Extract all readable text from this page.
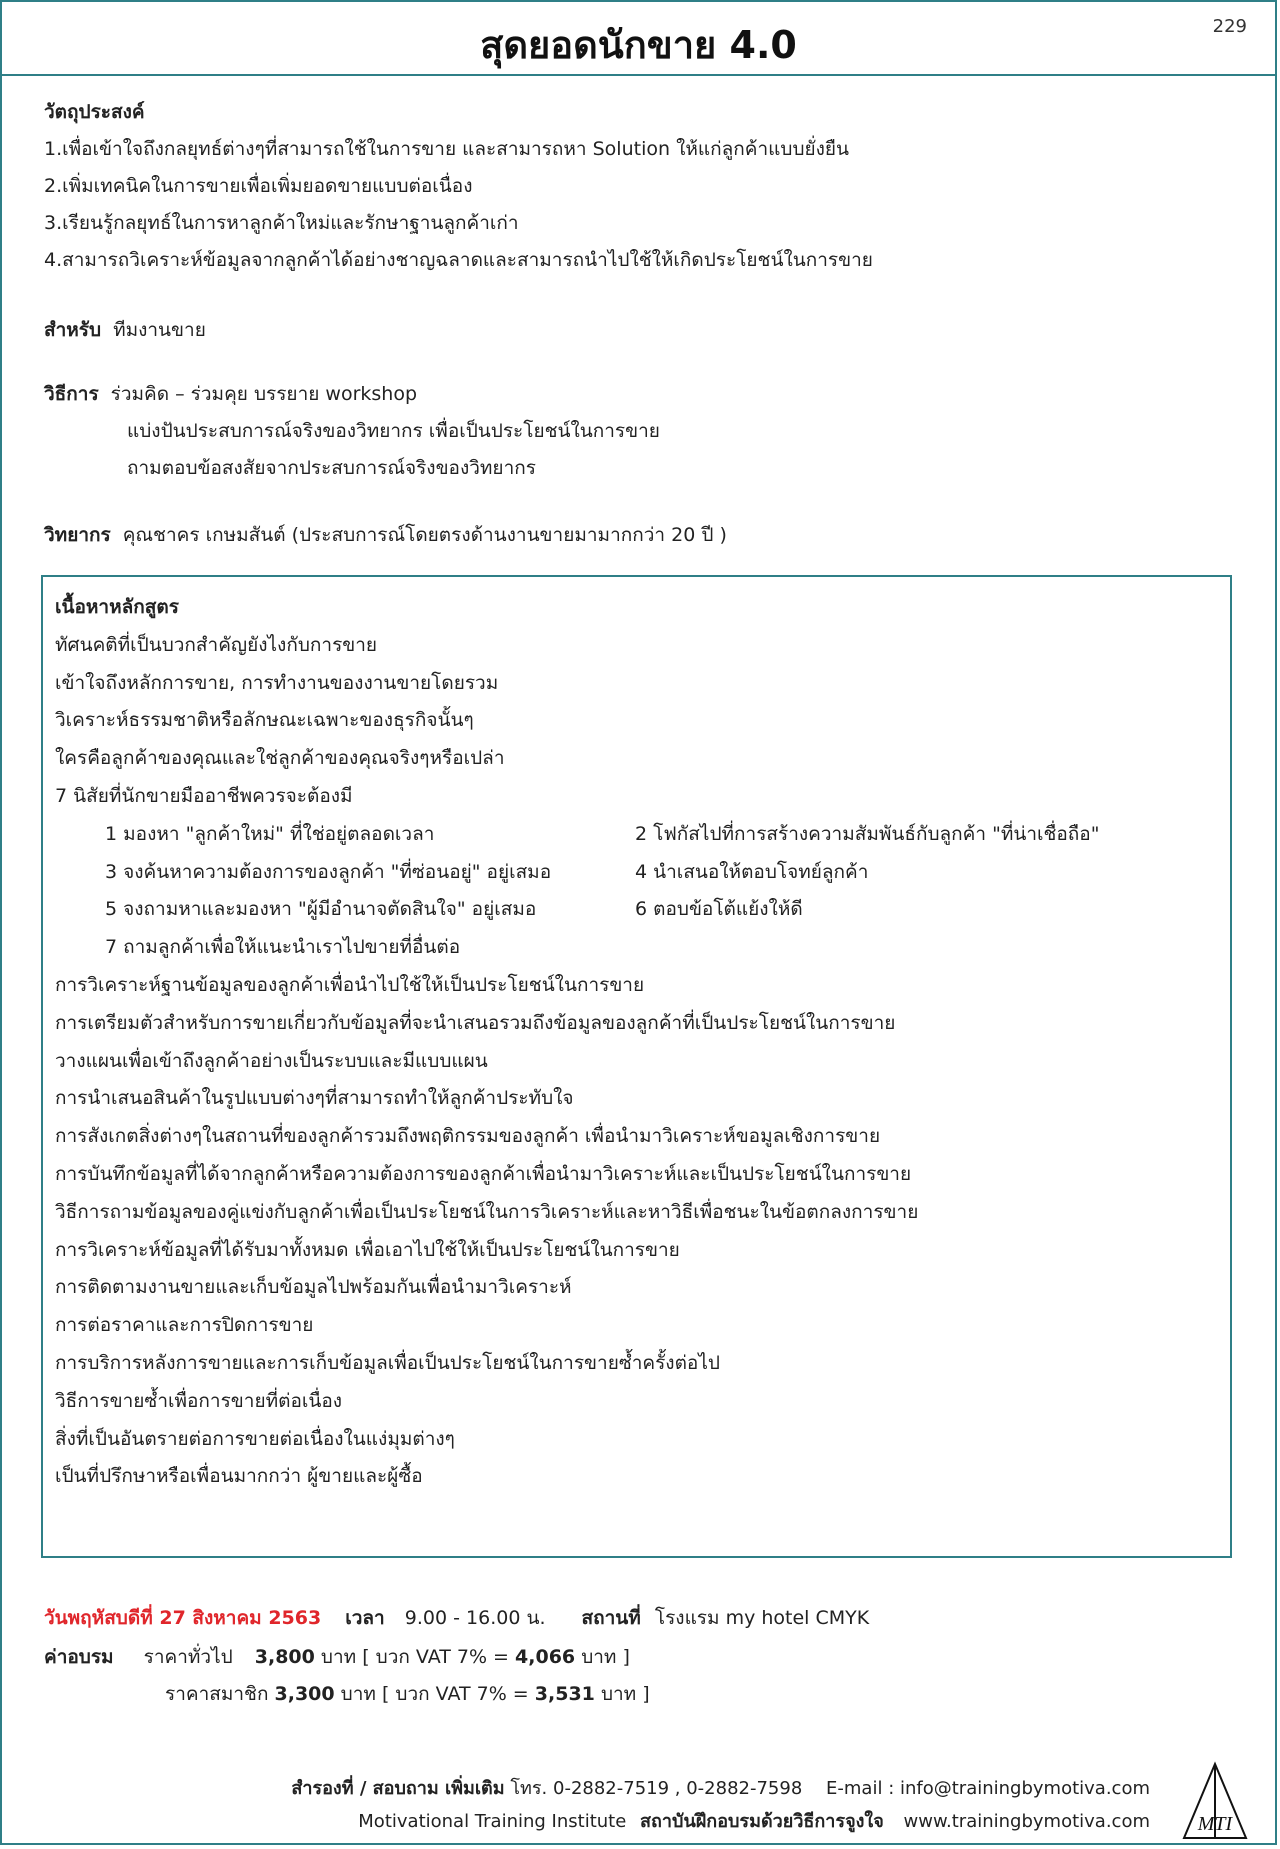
สุดยอดนักขาย 4.0	229
วัตถุประสงค์
1.เพื่อเข้าใจถึงกลยุทธ์ต่างๆที่สามารถใช้ในการขาย และสามารถหา Solution ให้แก่ลูกค้าแบบยั่งยืน
2.เพิ่มเทคนิคในการขายเพื่อเพิ่มยอดขายแบบต่อเนื่อง
3.เรียนรู้กลยุทธ์ในการหาลูกค้าใหม่และรักษาฐานลูกค้าเก่า
4.สามารถวิเคราะห์ข้อมูลจากลูกค้าได้อย่างชาญฉลาดและสามารถนำไปใช้ให้เกิดประโยชน์ในการขาย
สำหรับ ทีมงานขาย
วิธีการ ร่วมคิด – ร่วมคุย บรรยาย workshop
แบ่งปันประสบการณ์จริงของวิทยากร เพื่อเป็นประโยชน์ในการขาย
ถามตอบข้อสงสัยจากประสบการณ์จริงของวิทยากร
วิทยากร คุณชาคร เกษมสันต์ (ประสบการณ์โดยตรงด้านงานขายมามากกว่า 20 ปี )
เนื้อหาหลักสูตร
ทัศนคติที่เป็นบวกสำคัญยังไงกับการขาย
เข้าใจถึงหลักการขาย, การทำงานของงานขายโดยรวม
วิเคราะห์ธรรมชาติหรือลักษณะเฉพาะของธุรกิจนั้นๆ
ใครคือลูกค้าของคุณและใช่ลูกค้าของคุณจริงๆหรือเปล่า
7 นิสัยที่นักขายมืออาชีพควรจะต้องมี
1 มองหา "ลูกค้าใหม่" ที่ใช่อยู่ตลอดเวลา	2 โฟกัสไปที่การสร้างความสัมพันธ์กับลูกค้า "ที่น่าเชื่อถือ"
3 จงค้นหาความต้องการของลูกค้า "ที่ซ่อนอยู่" อยู่เสมอ	4 นำเสนอให้ตอบโจทย์ลูกค้า
5 จงถามหาและมองหา "ผู้มีอำนาจตัดสินใจ" อยู่เสมอ	6 ตอบข้อโต้แย้งให้ดี
7 ถามลูกค้าเพื่อให้แนะนำเราไปขายที่อื่นต่อ
การวิเคราะห์ฐานข้อมูลของลูกค้าเพื่อนำไปใช้ให้เป็นประโยชน์ในการขาย
การเตรียมตัวสำหรับการขายเกี่ยวกับข้อมูลที่จะนำเสนอรวมถึงข้อมูลของลูกค้าที่เป็นประโยชน์ในการขาย
วางแผนเพื่อเข้าถึงลูกค้าอย่างเป็นระบบและมีแบบแผน
การนำเสนอสินค้าในรูปแบบต่างๆที่สามารถทำให้ลูกค้าประทับใจ
การสังเกตสิ่งต่างๆในสถานที่ของลูกค้ารวมถึงพฤติกรรมของลูกค้า เพื่อนำมาวิเคราะห์ขอมูลเชิงการขาย
การบันทึกข้อมูลที่ได้จากลูกค้าหรือความต้องการของลูกค้าเพื่อนำมาวิเคราะห์และเป็นประโยชน์ในการขาย
วิธีการถามข้อมูลของคู่แข่งกับลูกค้าเพื่อเป็นประโยชน์ในการวิเคราะห์และหาวิธีเพื่อชนะในข้อตกลงการขาย
การวิเคราะห์ข้อมูลที่ได้รับมาทั้งหมด เพื่อเอาไปใช้ให้เป็นประโยชน์ในการขาย
การติดตามงานขายและเก็บข้อมูลไปพร้อมกันเพื่อนำมาวิเคราะห์
การต่อราคาและการปิดการขาย
การบริการหลังการขายและการเก็บข้อมูลเพื่อเป็นประโยชน์ในการขายซ้ำครั้งต่อไป
วิธีการขายซ้ำเพื่อการขายที่ต่อเนื่อง
สิ่งที่เป็นอันตรายต่อการขายต่อเนื่องในแง่มุมต่างๆ
เป็นที่ปรึกษาหรือเพื่อนมากกว่า ผู้ขายและผู้ซื้อ
วันพฤหัสบดีที่ 27 สิงหาคม 2563 เวลา 9.00 - 16.00 น. สถานที่ โรงแรม my hotel CMYK
ค่าอบรม ราคาทั่วไป 3,800 บาท [ บวก VAT 7% = 4,066 บาท ]
ราคาสมาชิก 3,300 บาท [ บวก VAT 7% = 3,531 บาท ]
สำรองที่ / สอบถาม เพิ่มเติม โทร. 0-2882-7519 , 0-2882-7598 E-mail : info@trainingbymotiva.com
Motivational Training Institute สถาบันฝึกอบรมด้วยวิธีการจูงใจ www.trainingbymotiva.com MTI
